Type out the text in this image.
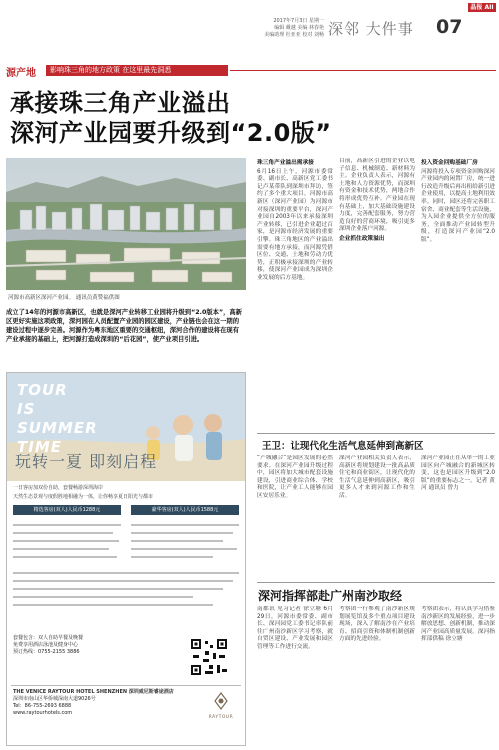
晶报 AII
2017年7月3日 星期一
编辑 戴越 美编 林春艳
美编助理 杜亚亚 校对 刘畅 深邻 大件事 07
源产地	影响珠三角的地方政策 在这里最先洞悉
承接珠三角产业溢出
深河产业园要升级到“2.0版”
河源市高新区深河产业园。 通讯员黄赞福供图
成立了14年的河源市高新区，也就是深河产业转移工业园将升级到“2.0版本”，高新区更好实施这项政策，深河园在人员配置产业园的园区建设，产业链也会在这一期的建设过程中逐步完善。河源作为粤东地区重要的交通枢纽，深河合作的建设将在现有产业承接的基础上，把河源打造成深圳的“后花园”，使产业项目引进。
TOUR
IS
SUMMER
TIME
玩转一夏 即刻启程
一日客房加双份自助，套餐畅游深圳海岸
天然生态景观与度假胜地相融为一体，让你畅享夏日阳光与都市
精选客房(双人)人民币1288元	豪华客房(双人)人民币1588元
套餐包含：双人自助早餐及晚餐
免费享用酒店泳池及健身中心
预订热线：0755-2155 3886
THE VENICE RAYTOUR HOTEL SHENZHEN 深圳威尼斯睿途酒店
深圳市南山区华侨城深南大道9026号
Tel：86-755-2693 6888
www.raytourhotels.com
RAYTOUR
珠三角产业溢出需承接
6月16日上午，河源市委常委、副市长、高新区党工委书记卢某带队到深圳市拜访，签约了多个重大项目。河源市高新区（深河产业园）为河源市对接深圳的重要平台，深河产业园自2003年以来承接深圳产业转移，已引进企业超过百家，是河源市经济发展的重要引擎。珠三角地区的产业溢出需要有地方承接，而河源凭借区位、交通、土地和劳动力优势，正积极承接深圳的产业转移，使深河产业园成为深圳企业发展的后方基地。
目前，高新区引进的企业以电子信息、机械制造、新材料为主。企业负责人表示，河源有土地和人力资源优势，而深圳有资金和技术优势，两地合作将形成优势互补。产业园在现有基础上，加大基础设施建设力度，完善配套服务，努力营造良好的营商环境，吸引更多深圳企业落户河源。
企业抓住政策溢出
投入资金回购基础厂房
河源将投入专项资金回购深河产业园内的闲置厂房，统一进行改造升级后再出租给新引进企业使用，以提高土地利用效率。同时，园区还将完善职工宿舍、商业配套等生活设施，为入园企业提供全方位的服务，全面推动产业园转型升级，打造深河产业园“2.0版”。
王卫：让现代化生活气息延伸到高新区
“产城融合”是园区发展的必然要求。在深河产业园升级过程中，园区将加大城市配套设施建设，引进商业综合体、学校和医院，让产业工人能够在园区安居乐业。
深河产业园相关负责人表示，高新区将规划建设一批高品质住宅和商业街区，让现代化的生活气息延伸到高新区，吸引更多人才来到河源工作和生活。
深河产业园正在从单一的工业园区向产城融合的新城区转变，这也是园区升级到“2.0版”的重要标志之一。记者 黄河 通讯员 曾力
深河指挥部赴广州南沙取经
南都讯 见习记者 徐立塘 6月29日，河源市委常委、副市长、深河园党工委书记率队前往广州南沙新区学习考察，就自贸区建设、产业发展和园区管理等工作进行交流。
考察团一行参观了南沙新区规划展览馆及多个重点项目建设现场，深入了解南沙在产业培育、招商引资和体制机制创新方面的先进经验。
考察团表示，将认真学习借鉴南沙新区的发展经验，进一步解放思想、创新机制，推动深河产业园高质量发展。深河指挥部供稿 徐立塘
